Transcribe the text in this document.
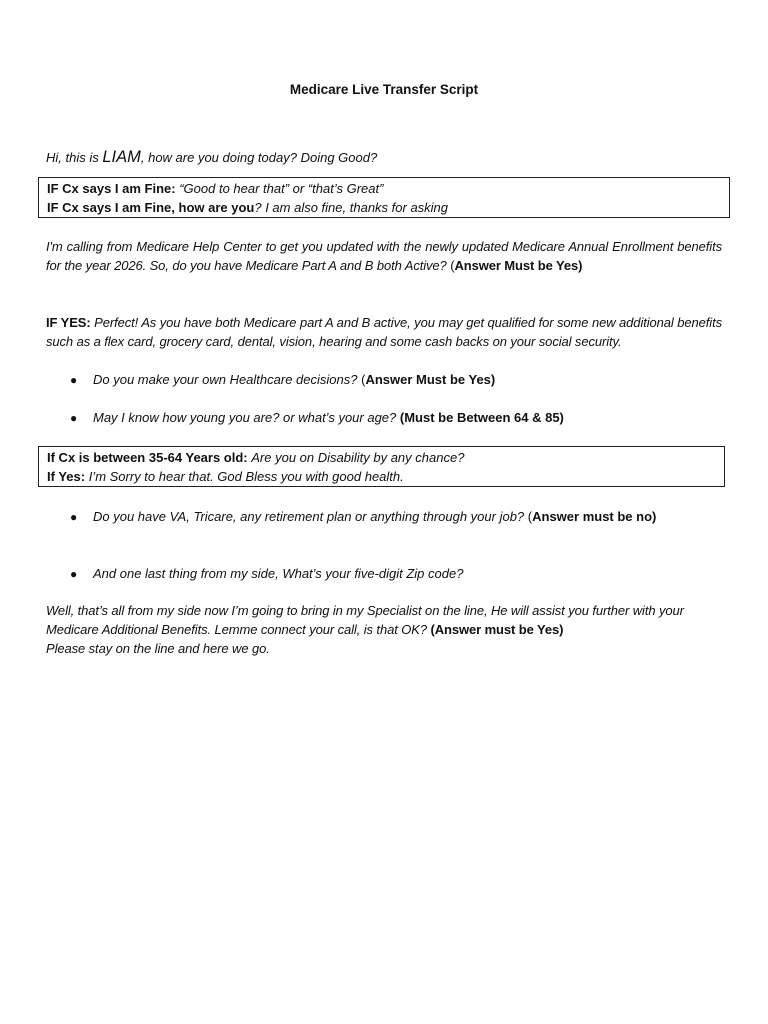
Medicare Live Transfer Script
Hi, this is LIAM, how are you doing today? Doing Good?
IF Cx says I am Fine: “Good to hear that” or “that’s Great”
IF Cx says I am Fine, how are you? I am also fine, thanks for asking
I'm calling from Medicare Help Center to get you updated with the newly updated Medicare Annual Enrollment benefits for the year 2026. So, do you have Medicare Part A and B both Active? (Answer Must be Yes)
IF YES: Perfect! As you have both Medicare part A and B active, you may get qualified for some new additional benefits such as a flex card, grocery card, dental, vision, hearing and some cash backs on your social security.
● Do you make your own Healthcare decisions? (Answer Must be Yes)
● May I know how young you are? or what’s your age? (Must be Between 64 & 85)
If Cx is between 35-64 Years old: Are you on Disability by any chance?
If Yes: I’m Sorry to hear that. God Bless you with good health.
● Do you have VA, Tricare, any retirement plan or anything through your job? (Answer must be no)
● And one last thing from my side, What’s your five-digit Zip code?
Well, that’s all from my side now I’m going to bring in my Specialist on the line, He will assist you further with your Medicare Additional Benefits. Lemme connect your call, is that OK? (Answer must be Yes)
Please stay on the line and here we go.
